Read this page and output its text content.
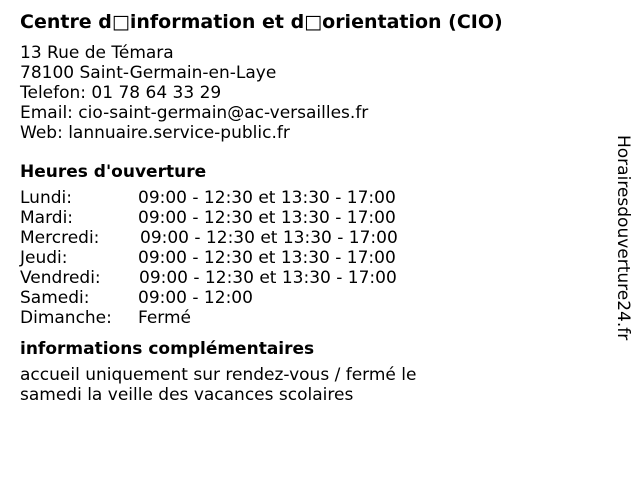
Centre d□information et d□orientation (CIO)
13 Rue de Témara
78100 Saint-Germain-en-Laye
Telefon: 01 78 64 33 29
Email: cio-saint-germain@ac-versailles.fr
Web: lannuaire.service-public.fr
Heures d'ouverture
Lundi:	09:00 - 12:30 et 13:30 - 17:00
Mardi:	09:00 - 12:30 et 13:30 - 17:00
Mercredi: 09:00 - 12:30 et 13:30 - 17:00
Jeudi:	09:00 - 12:30 et 13:30 - 17:00
Vendredi: 09:00 - 12:30 et 13:30 - 17:00
Samedi:	09:00 - 12:00
Dimanche: Fermé
informations complémentaires
accueil uniquement sur rendez-vous / fermé le samedi la veille des vacances scolaires
Horairesdouverture24.fr
